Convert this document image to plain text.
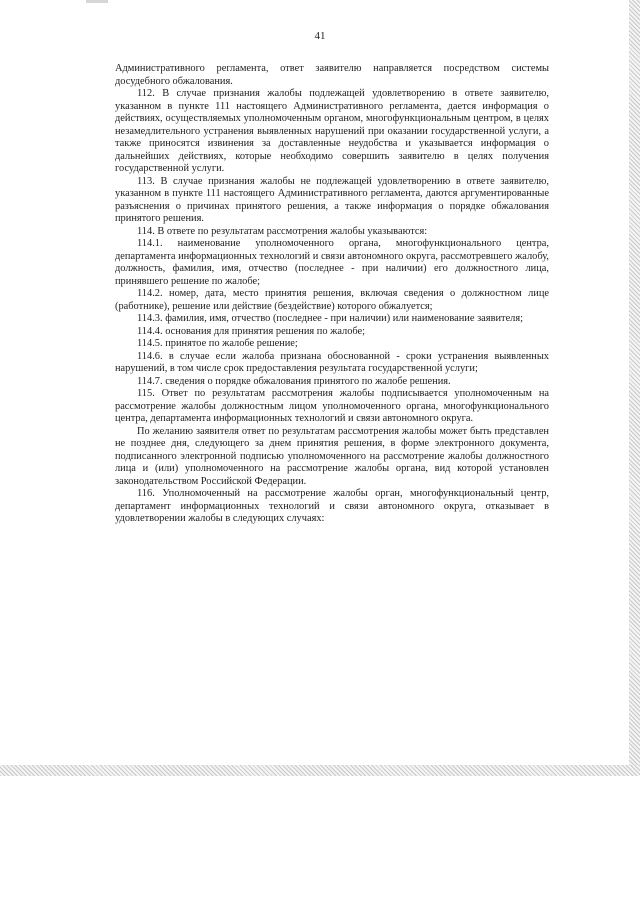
41

Административного регламента, ответ заявителю направляется посредством системы досудебного обжалования.

112. В случае признания жалобы подлежащей удовлетворению в ответе заявителю, указанном в пункте 111 настоящего Административного регламента, дается информация о действиях, осуществляемых уполномоченным органом, многофункциональным центром, в целях незамедлительного устранения выявленных нарушений при оказании государственной услуги, а также приносятся извинения за доставленные неудобства и указывается информация о дальнейших действиях, которые необходимо совершить заявителю в целях получения государственной услуги.

113. В случае признания жалобы не подлежащей удовлетворению в ответе заявителю, указанном в пункте 111 настоящего Административного регламента, даются аргументированные разъяснения о причинах принятого решения, а также информация о порядке обжалования принятого решения.

114. В ответе по результатам рассмотрения жалобы указываются:

114.1. наименование уполномоченного органа, многофункционального центра, департамента информационных технологий и связи автономного округа, рассмотревшего жалобу, должность, фамилия, имя, отчество (последнее - при наличии) его должностного лица, принявшего решение по жалобе;

114.2. номер, дата, место принятия решения, включая сведения о должностном лице (работнике), решение или действие (бездействие) которого обжалуется;

114.3. фамилия, имя, отчество (последнее - при наличии) или наименование заявителя;

114.4. основания для принятия решения по жалобе;

114.5. принятое по жалобе решение;

114.6. в случае если жалоба признана обоснованной - сроки устранения выявленных нарушений, в том числе срок предоставления результата государственной услуги;

114.7. сведения о порядке обжалования принятого по жалобе решения.

115. Ответ по результатам рассмотрения жалобы подписывается уполномоченным на рассмотрение жалобы должностным лицом уполномоченного органа, многофункционального центра, департамента информационных технологий и связи автономного округа.

По желанию заявителя ответ по результатам рассмотрения жалобы может быть представлен не позднее дня, следующего за днем принятия решения, в форме электронного документа, подписанного электронной подписью уполномоченного на рассмотрение жалобы должностного лица и (или) уполномоченного на рассмотрение жалобы органа, вид которой установлен законодательством Российской Федерации.

116. Уполномоченный на рассмотрение жалобы орган, многофункциональный центр, департамент информационных технологий и связи автономного округа, отказывает в удовлетворении жалобы в следующих случаях:
